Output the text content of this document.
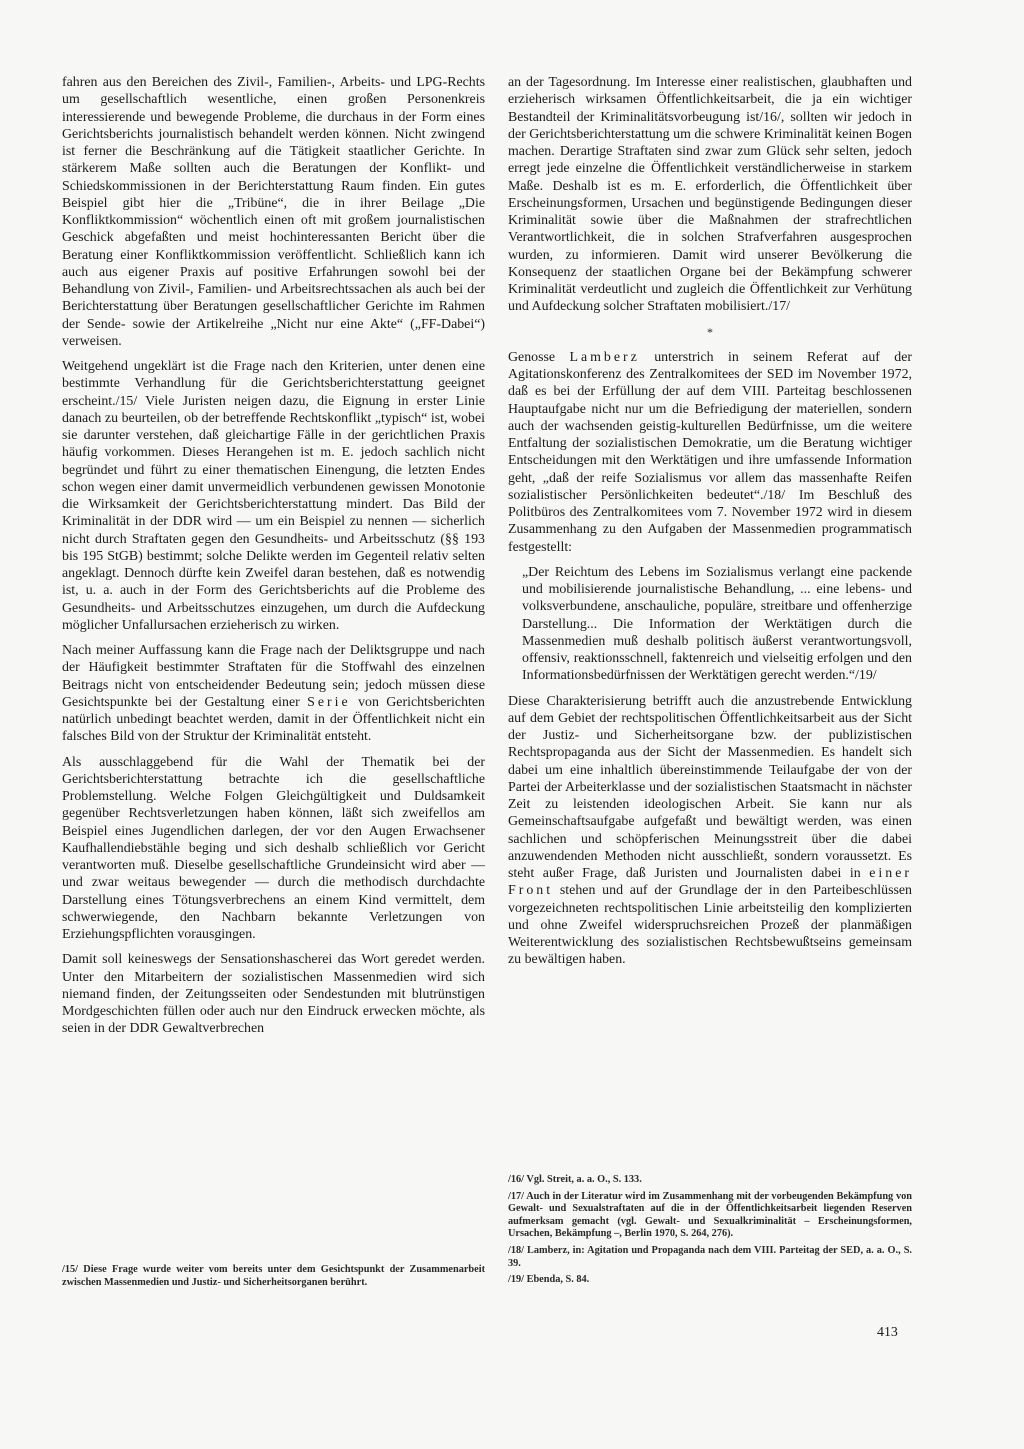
fahren aus den Bereichen des Zivil-, Familien-, Arbeits- und LPG-Rechts um gesellschaftlich wesentliche, einen großen Personenkreis interessierende und bewegende Probleme, die durchaus in der Form eines Gerichtsberichts journalistisch behandelt werden können. Nicht zwingend ist ferner die Beschränkung auf die Tätigkeit staatlicher Gerichte. In stärkerem Maße sollten auch die Beratungen der Konflikt- und Schiedskommissionen in der Berichterstattung Raum finden. Ein gutes Beispiel gibt hier die „Tribüne“, die in ihrer Beilage „Die Konfliktkommission“ wöchentlich einen oft mit großem journalistischen Geschick abgefaßten und meist hochinteressanten Bericht über die Beratung einer Konfliktkommission veröffentlicht. Schließlich kann ich auch aus eigener Praxis auf positive Erfahrungen sowohl bei der Behandlung von Zivil-, Familien- und Arbeitsrechtssachen als auch bei der Berichterstattung über Beratungen gesellschaftlicher Gerichte im Rahmen der Sende- sowie der Artikelreihe „Nicht nur eine Akte“ („FF-Dabei“) verweisen.

Weitgehend ungeklärt ist die Frage nach den Kriterien, unter denen eine bestimmte Verhandlung für die Gerichtsberichterstattung geeignet erscheint./15/ Viele Juristen neigen dazu, die Eignung in erster Linie danach zu beurteilen, ob der betreffende Rechtskonflikt „typisch“ ist, wobei sie darunter verstehen, daß gleichartige Fälle in der gerichtlichen Praxis häufig vorkommen. Dieses Herangehen ist m. E. jedoch sachlich nicht begründet und führt zu einer thematischen Einengung, die letzten Endes schon wegen einer damit unvermeidlich verbundenen gewissen Monotonie die Wirksamkeit der Gerichtsberichterstattung mindert. Das Bild der Kriminalität in der DDR wird — um ein Beispiel zu nennen — sicherlich nicht durch Straftaten gegen den Gesundheits- und Arbeitsschutz (§§ 193 bis 195 StGB) bestimmt; solche Delikte werden im Gegenteil relativ selten angeklagt. Dennoch dürfte kein Zweifel daran bestehen, daß es notwendig ist, u. a. auch in der Form des Gerichtsberichts auf die Probleme des Gesundheits- und Arbeitsschutzes einzugehen, um durch die Aufdeckung möglicher Unfallursachen erzieherisch zu wirken.

Nach meiner Auffassung kann die Frage nach der Deliktsgruppe und nach der Häufigkeit bestimmter Straftaten für die Stoffwahl des einzelnen Beitrags nicht von entscheidender Bedeutung sein; jedoch müssen diese Gesichtspunkte bei der Gestaltung einer Serie von Gerichtsberichten natürlich unbedingt beachtet werden, damit in der Öffentlichkeit nicht ein falsches Bild von der Struktur der Kriminalität entsteht.

Als ausschlaggebend für die Wahl der Thematik bei der Gerichtsberichterstattung betrachte ich die gesellschaftliche Problemstellung. Welche Folgen Gleichgültigkeit und Duldsamkeit gegenüber Rechtsverletzungen haben können, läßt sich zweifellos am Beispiel eines Jugendlichen darlegen, der vor den Augen Erwachsener Kaufhallendiebstähle beging und sich deshalb schließlich vor Gericht verantworten muß. Dieselbe gesellschaftliche Grundeinsicht wird aber — und zwar weitaus bewegender — durch die methodisch durchdachte Darstellung eines Tötungsverbrechens an einem Kind vermittelt, dem schwerwiegende, den Nachbarn bekannte Verletzungen von Erziehungspflichten vorausgingen.

Damit soll keineswegs der Sensationshascherei das Wort geredet werden. Unter den Mitarbeitern der sozialistischen Massenmedien wird sich niemand finden, der Zeitungsseiten oder Sendestunden mit blutrünstigen Mordgeschichten füllen oder auch nur den Eindruck erwecken möchte, als seien in der DDR Gewaltverbrechen

an der Tagesordnung. Im Interesse einer realistischen, glaubhaften und erzieherisch wirksamen Öffentlichkeitsarbeit, die ja ein wichtiger Bestandteil der Kriminalitätsvorbeugung ist/16/, sollten wir jedoch in der Gerichtsberichterstattung um die schwere Kriminalität keinen Bogen machen. Derartige Straftaten sind zwar zum Glück sehr selten, jedoch erregt jede einzelne die Öffentlichkeit verständlicherweise in starkem Maße. Deshalb ist es m. E. erforderlich, die Öffentlichkeit über Erscheinungsformen, Ursachen und begünstigende Bedingungen dieser Kriminalität sowie über die Maßnahmen der strafrechtlichen Verantwortlichkeit, die in solchen Strafverfahren ausgesprochen wurden, zu informieren. Damit wird unserer Bevölkerung die Konsequenz der staatlichen Organe bei der Bekämpfung schwerer Kriminalität verdeutlicht und zugleich die Öffentlichkeit zur Verhütung und Aufdeckung solcher Straftaten mobilisiert./17/

*

Genosse Lamberz unterstrich in seinem Referat auf der Agitationskonferenz des Zentralkomitees der SED im November 1972, daß es bei der Erfüllung der auf dem VIII. Parteitag beschlossenen Hauptaufgabe nicht nur um die Befriedigung der materiellen, sondern auch der wachsenden geistig-kulturellen Bedürfnisse, um die weitere Entfaltung der sozialistischen Demokratie, um die Beratung wichtiger Entscheidungen mit den Werktätigen und ihre umfassende Information geht, „daß der reife Sozialismus vor allem das massenhafte Reifen sozialistischer Persönlichkeiten bedeutet“./18/ Im Beschluß des Politbüros des Zentralkomitees vom 7. November 1972 wird in diesem Zusammenhang zu den Aufgaben der Massenmedien programmatisch festgestellt:

„Der Reichtum des Lebens im Sozialismus verlangt eine packende und mobilisierende journalistische Behandlung, ... eine lebens- und volksverbundene, anschauliche, populäre, streitbare und offenherzige Darstellung... Die Information der Werktätigen durch die Massenmedien muß deshalb politisch äußerst verantwortungsvoll, offensiv, reaktionsschnell, faktenreich und vielseitig erfolgen und den Informationsbedürfnissen der Werktätigen gerecht werden.“/19/

Diese Charakterisierung betrifft auch die anzustrebende Entwicklung auf dem Gebiet der rechtspolitischen Öffentlichkeitsarbeit aus der Sicht der Justiz- und Sicherheitsorgane bzw. der publizistischen Rechtspropaganda aus der Sicht der Massenmedien. Es handelt sich dabei um eine inhaltlich übereinstimmende Teilaufgabe der von der Partei der Arbeiterklasse und der sozialistischen Staatsmacht in nächster Zeit zu leistenden ideologischen Arbeit. Sie kann nur als Gemeinschaftsaufgabe aufgefaßt und bewältigt werden, was einen sachlichen und schöpferischen Meinungsstreit über die dabei anzuwendenden Methoden nicht ausschließt, sondern voraussetzt. Es steht außer Frage, daß Juristen und Journalisten dabei in einer Front stehen und auf der Grundlage der in den Parteibeschlüssen vorgezeichneten rechtspolitischen Linie arbeitsteilig den komplizierten und ohne Zweifel widerspruchsreichen Prozeß der planmäßigen Weiterentwicklung des sozialistischen Rechtsbewußtseins gemeinsam zu bewältigen haben.

/15/ Diese Frage wurde weiter vom bereits unter dem Gesichtspunkt der Zusammenarbeit zwischen Massenmedien und Justiz- und Sicherheitsorganen berührt.

/16/ Vgl. Streit, a. a. O., S. 133.

/17/ Auch in der Literatur wird im Zusammenhang mit der vorbeugenden Bekämpfung von Gewalt- und Sexualstraftaten auf die in der Öffentlichkeitsarbeit liegenden Reserven aufmerksam gemacht (vgl. Gewalt- und Sexualkriminalität – Erscheinungsformen, Ursachen, Bekämpfung –, Berlin 1970, S. 264, 276).

/18/ Lamberz, in: Agitation und Propaganda nach dem VIII. Parteitag der SED, a. a. O., S. 39.

/19/ Ebenda, S. 84.

413
